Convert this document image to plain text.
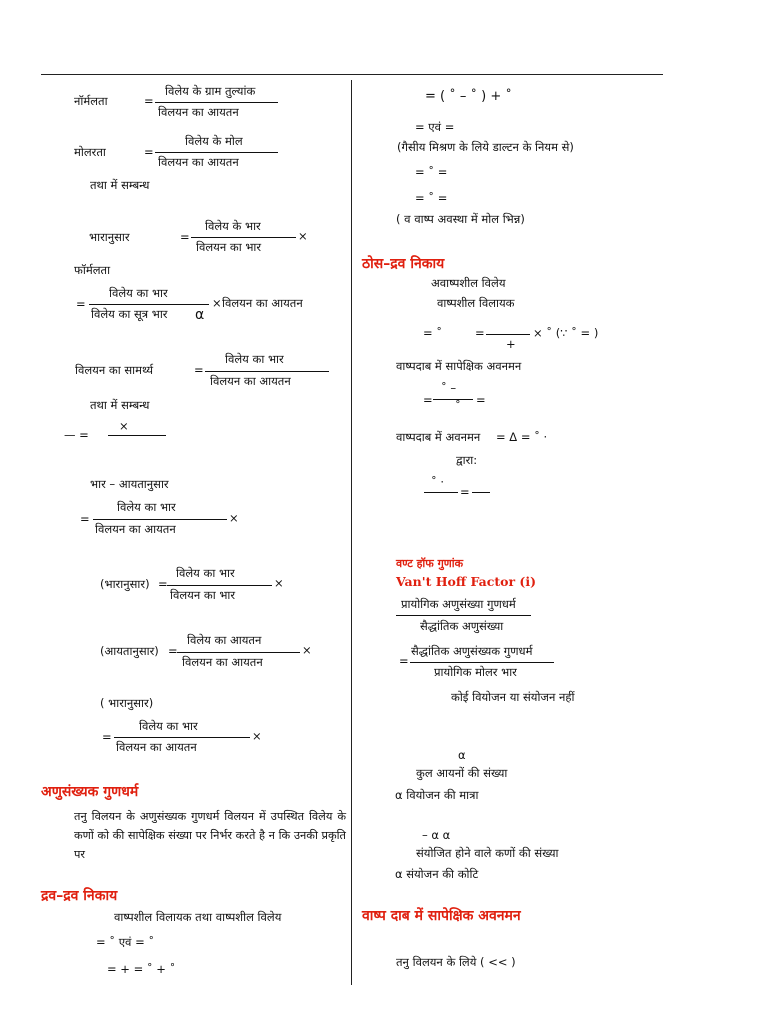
नॉर्मलता	=
विलेय के ग्राम तुल्यांक
विलयन का आयतन
मोलरता	=
विलेय के मोल
विलयन का आयतन
तथा में सम्बन्ध
भारानुसार	=
विलेय के भार
विलयन का भार
×
फॉर्मलता
=
विलेय का भार
विलेय का सूत्र भार α
× विलयन का आयतन
विलयन का सामर्थ्य	=
विलेय का भार
विलयन का आयतन
तथा में सम्बन्ध
— =
×
भार – आयतानुसार
=
विलेय का भार
विलयन का आयतन
×
(भारानुसार) =
विलेय का भार
विलयन का भार
×
(आयतानुसार) =
विलेय का आयतन
विलयन का आयतन
×
( भारानुसार)
=
विलेय का भार
विलयन का आयतन
×
अणुसंख्यक गुणधर्म
तनु विलयन के अणुसंख्यक गुणधर्म विलयन में उपस्थित विलेय के कणों को की सापेक्षिक संख्या पर निर्भर करते है न कि उनकी प्रकृति पर
द्रव–द्रव निकाय
वाष्पशील विलायक तथा वाष्पशील विलेय
= ˚ एवं = ˚
= + = ˚ + ˚
= ( ˚ – ˚ ) + ˚
= एवं =
(गैसीय मिश्रण के लिये डाल्टन के नियम से)
= ˚ =
= ˚ =
( व वाष्प अवस्था में मोल भिन्न)
ठोस–द्रव निकाय
अवाष्पशील विलेय
वाष्पशील विलायक
= ˚	=
+
× ˚ (∵ ˚ = )
वाष्पदाब में सापेक्षिक अवनमन
=
˚ –
˚ =
वाष्पदाब में अवनमन = Δ = ˚ ·
द्वारा:
˚ ·
=
वण्ट हॉफ गुणांक
Van't Hoff Factor (i)
प्रायोगिक अणुसंख्या गुणधर्म
सैद्धांतिक अणुसंख्या
=
सैद्धांतिक अणुसंख्यक गुणधर्म
प्रायोगिक मोलर भार
कोई वियोजन या संयोजन नहीं
α
कुल आयनों की संख्या
α वियोजन की मात्रा
– α α
संयोजित होने वाले कणों की संख्या
α संयोजन की कोटि
वाष्प दाब में सापेक्षिक अवनमन
तनु विलयन के लिये ( << )
